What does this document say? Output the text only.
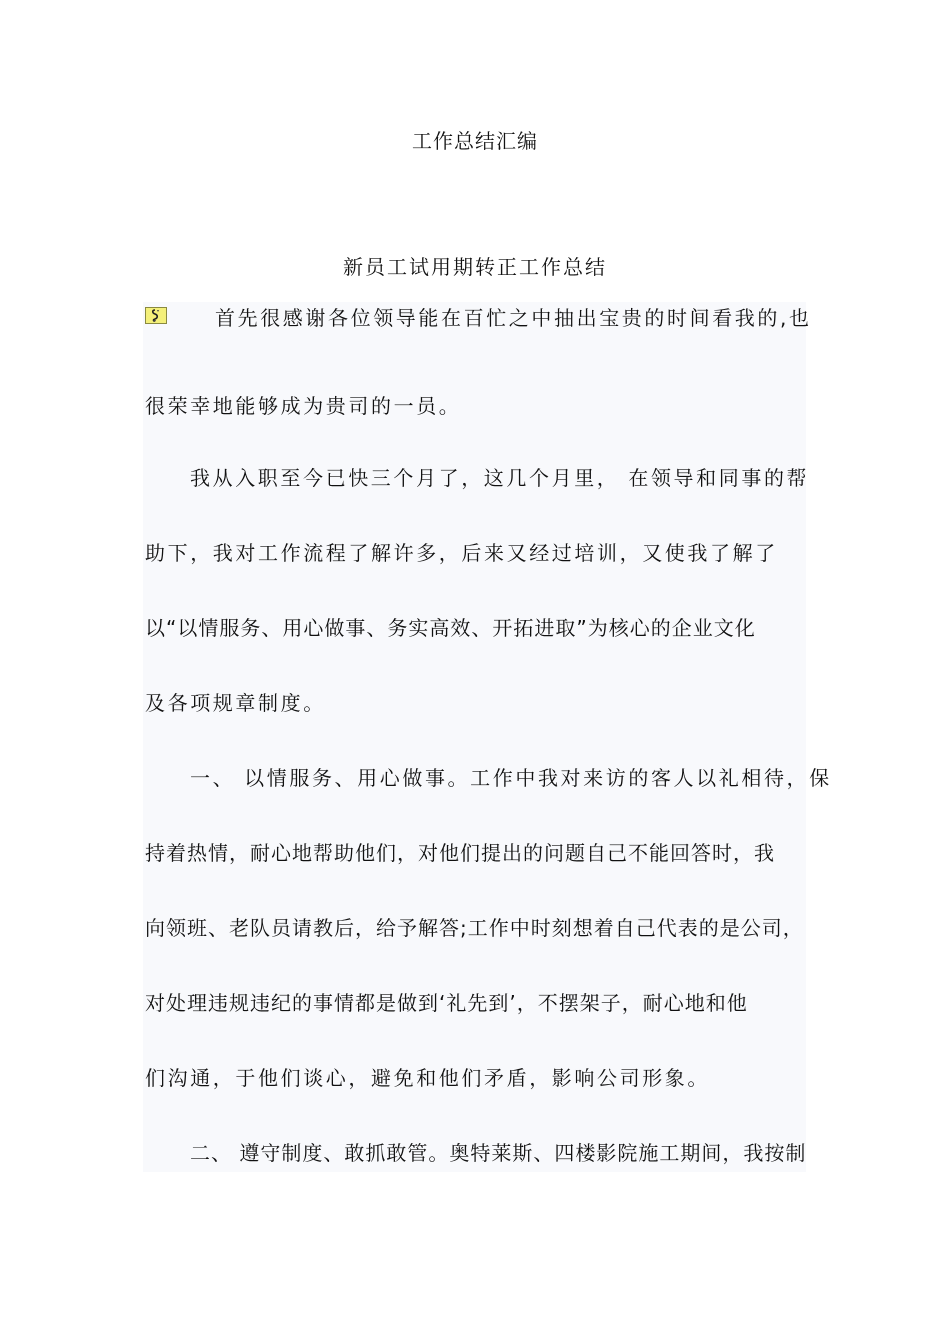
工作总结汇编
新员工试用期转正工作总结
首先很感谢各位领导能在百忙之中抽出宝贵的时间看我的,也
很荣幸地能够成为贵司的一员。
我从入职至今已快三个月了，这几个月里， 在领导和同事的帮
助下，我对工作流程了解许多，后来又经过培训，又使我了解了
以“以情服务、用心做事、务实高效、开拓进取”为核心的企业文化
及各项规章制度。
一、 以情服务、用心做事。工作中我对来访的客人以礼相待，保
持着热情，耐心地帮助他们，对他们提出的问题自己不能回答时，我
向领班、老队员请教后，给予解答;工作中时刻想着自己代表的是公司，
对处理违规违纪的事情都是做到‘礼先到’，不摆架子，耐心地和他
们沟通，于他们谈心，避免和他们矛盾，影响公司形象。
二、 遵守制度、敢抓敢管。奥特莱斯、四楼影院施工期间，我按制
